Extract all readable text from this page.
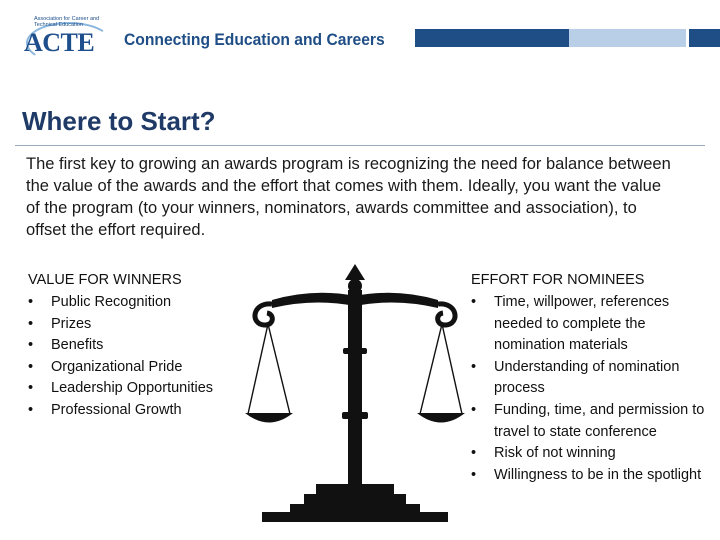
Association for Career and Technical Education
ACTE Connecting Education and Careers
Where to Start?

The first key to growing an awards program is recognizing the need for balance between the value of the awards and the effort that comes with them. Ideally, you want the value of the program (to your winners, nominators, awards committee and association), to offset the effort required.

VALUE FOR WINNERS
• Public Recognition
• Prizes
• Benefits
• Organizational Pride
• Leadership Opportunities
• Professional Growth
EFFORT FOR NOMINEES
• Time, willpower, references needed to complete the nomination materials
• Understanding of nomination process
• Funding, time, and permission to travel to state conference
• Risk of not winning
• Willingness to be in the spotlight
